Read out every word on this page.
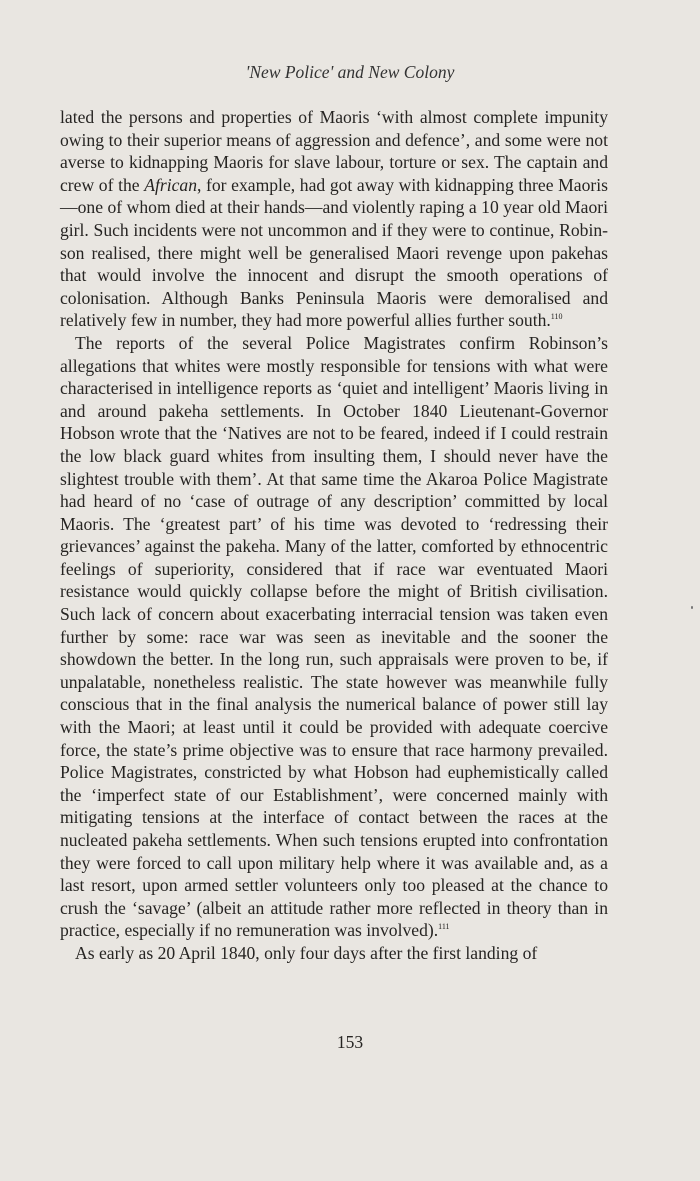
'New Police' and New Colony

lated the persons and properties of Maoris ‘with almost complete impunity owing to their superior means of aggression and defence’, and some were not averse to kidnapping Maoris for slave labour, torture or sex. The captain and crew of the African, for example, had got away with kidnapping three Maoris—one of whom died at their hands—and violently raping a 10 year old Maori girl. Such incidents were not uncommon and if they were to continue, Robinson realised, there might well be generalised Maori revenge upon pakehas that would involve the innocent and disrupt the smooth operations of colonisation. Although Banks Peninsula Maoris were demoralised and relatively few in number, they had more powerful allies further south.$^{110}$

The reports of the several Police Magistrates confirm Robinson’s allegations that whites were mostly responsible for tensions with what were characterised in intelligence reports as ‘quiet and intelligent’ Maoris living in and around pakeha settlements. In October 1840 Lieutenant-Governor Hobson wrote that the ‘Natives are not to be feared, indeed if I could restrain the low black guard whites from insulting them, I should never have the slightest trouble with them’. At that same time the Akaroa Police Magistrate had heard of no ‘case of outrage of any description’ committed by local Maoris. The ‘greatest part’ of his time was devoted to ‘redressing their grievances’ against the pakeha. Many of the latter, comforted by ethnocentric feelings of superiority, considered that if race war eventuated Maori resistance would quickly collapse before the might of British civilisation. Such lack of concern about exacerbating interracial tension was taken even further by some: race war was seen as inevitable and the sooner the showdown the better. In the long run, such appraisals were proven to be, if unpalatable, nonetheless realistic. The state however was meanwhile fully conscious that in the final analysis the numerical balance of power still lay with the Maori; at least until it could be provided with adequate coercive force, the state’s prime objective was to ensure that race harmony prevailed. Police Magistrates, constricted by what Hobson had euphemistically called the ‘imperfect state of our Establishment’, were concerned mainly with mitigating tensions at the interface of contact between the races at the nucleated pakeha settlements. When such tensions erupted into confrontation they were forced to call upon military help where it was available and, as a last resort, upon armed settler volunteers only too pleased at the chance to crush the ‘savage’ (albeit an attitude rather more reflected in theory than in practice, especially if no remuneration was involved).$^{111}$

As early as 20 April 1840, only four days after the first landing of

153
